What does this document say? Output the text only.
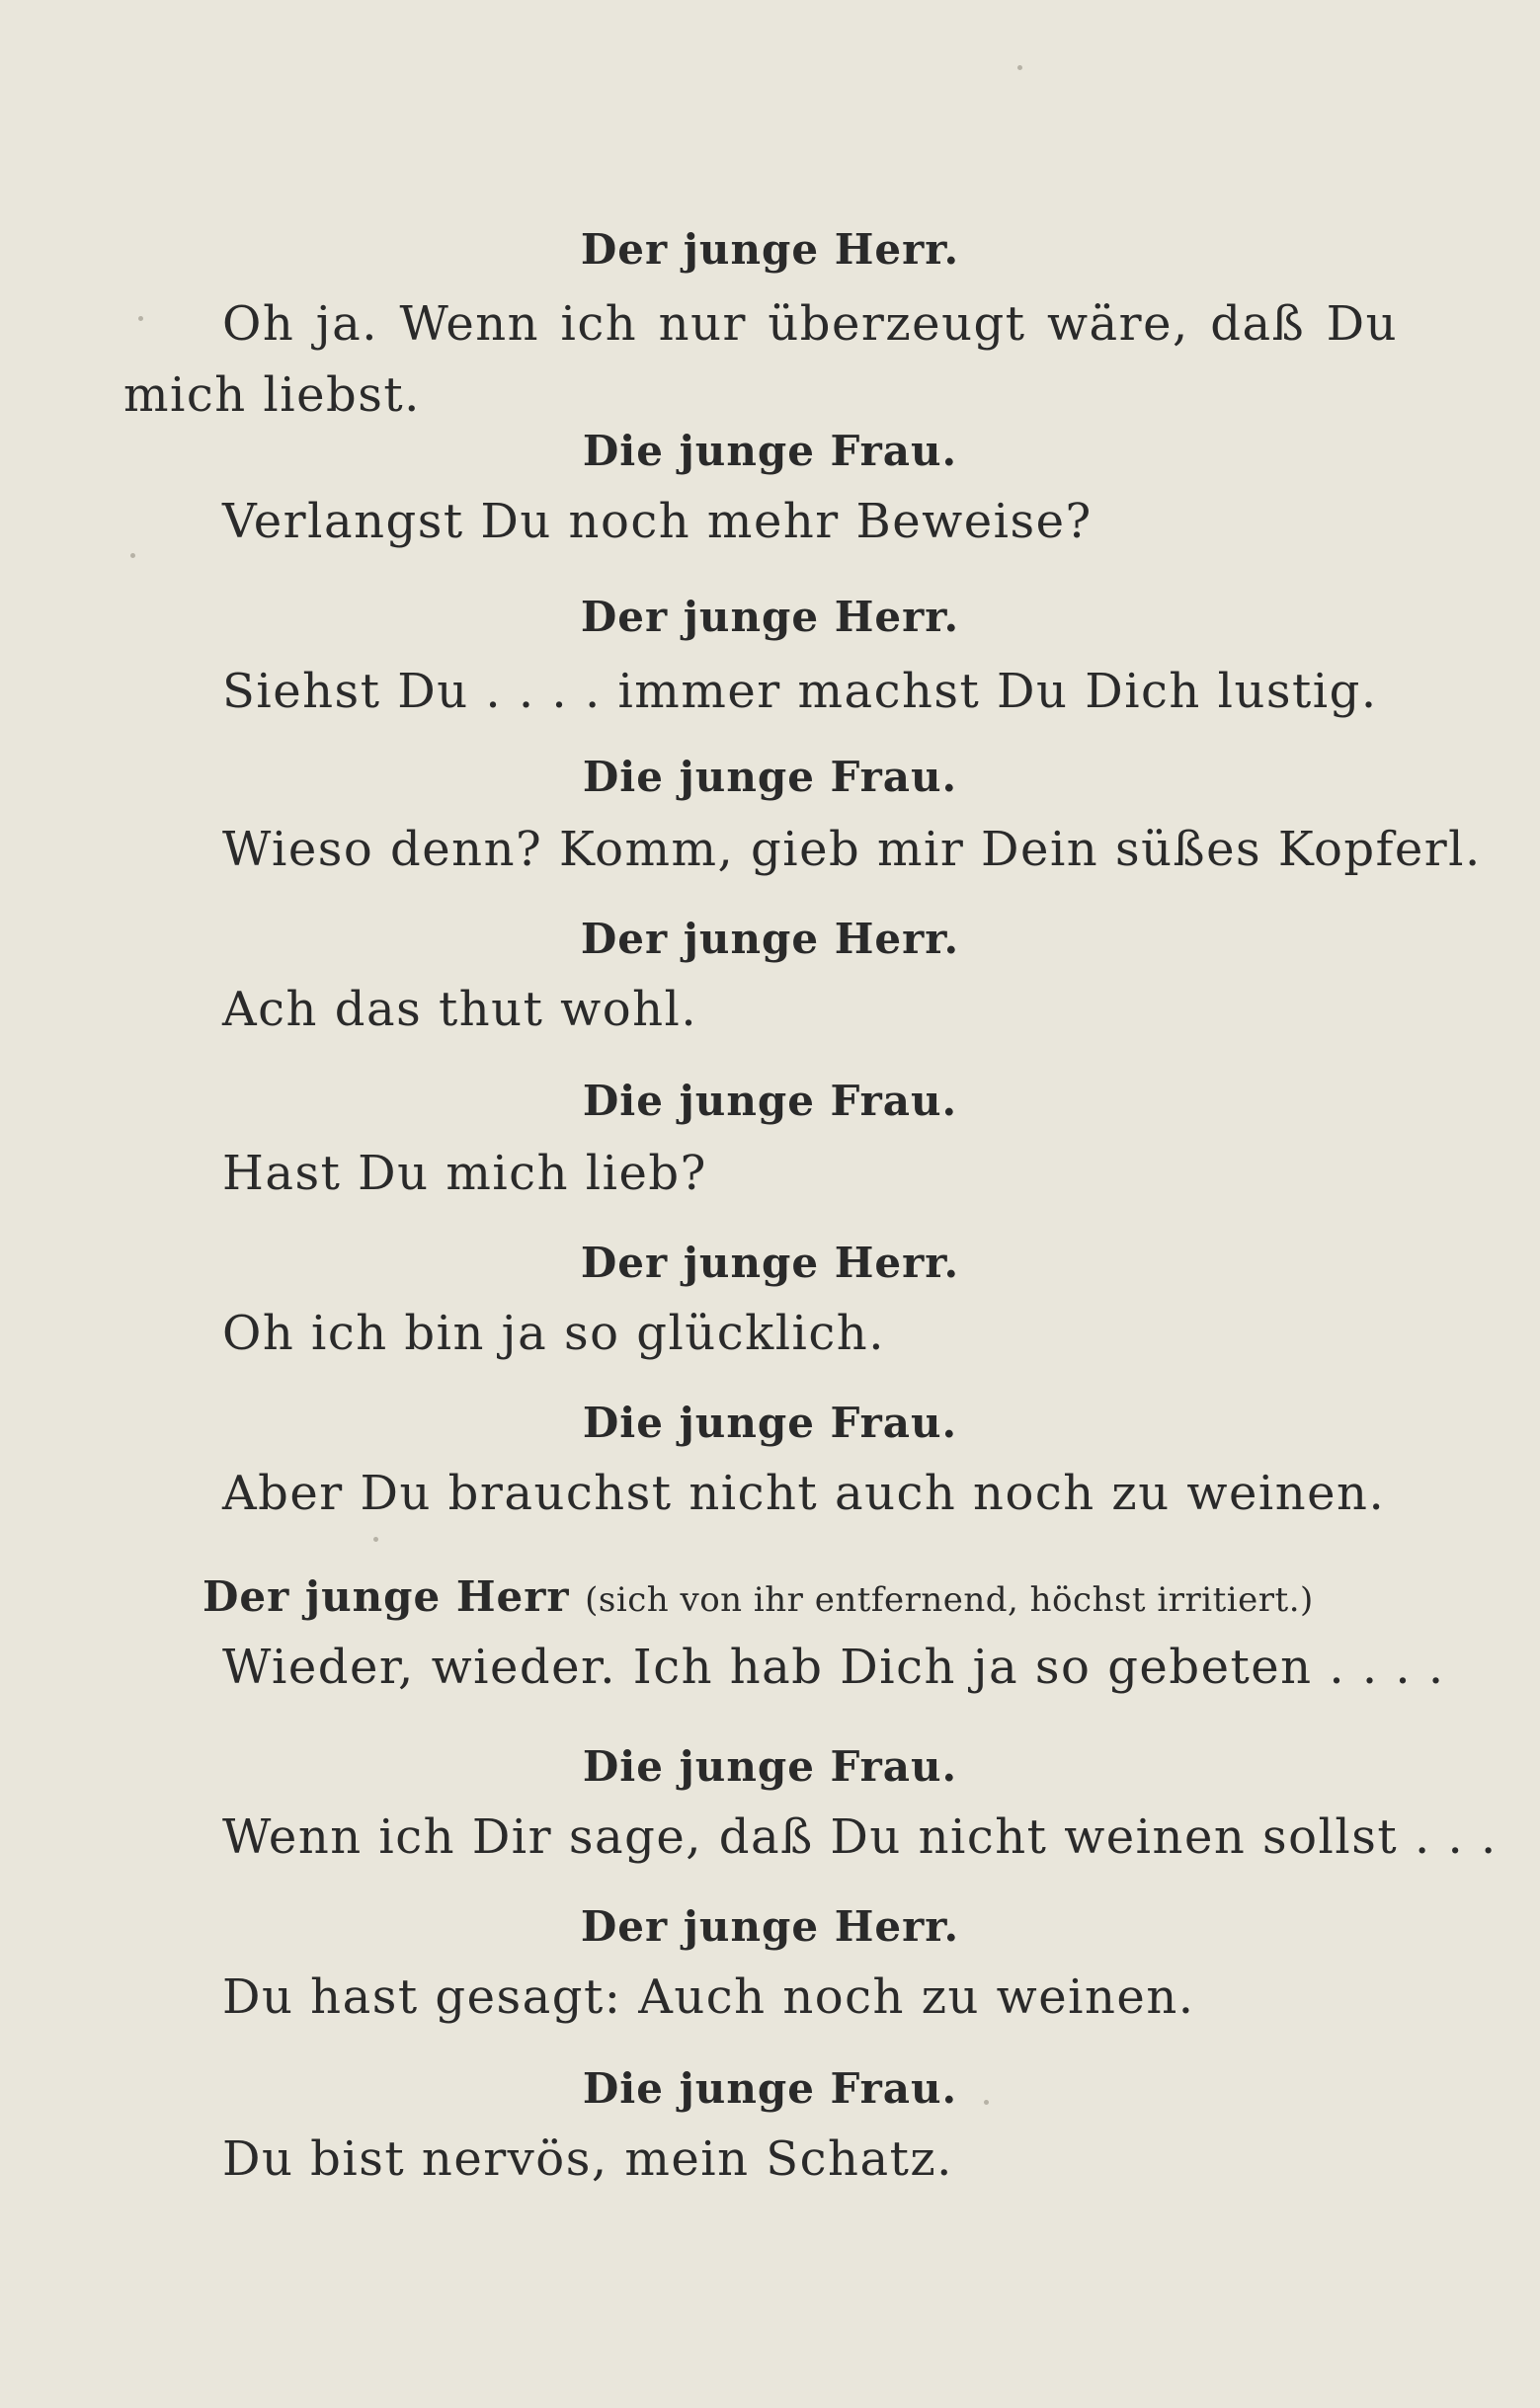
Der junge Herr.
Oh ja. Wenn ich nur überzeugt wäre, daß Du
mich liebst.
Die junge Frau.
Verlangst Du noch mehr Beweise?
Der junge Herr.
Siehst Du . . . . immer machst Du Dich lustig.
Die junge Frau.
Wieso denn? Komm, gieb mir Dein süßes Kopferl.
Der junge Herr.
Ach das thut wohl.
Die junge Frau.
Hast Du mich lieb?
Der junge Herr.
Oh ich bin ja so glücklich.
Die junge Frau.
Aber Du brauchst nicht auch noch zu weinen.
Der junge Herr (sich von ihr entfernend, höchst irritiert.)
Wieder, wieder. Ich hab Dich ja so gebeten . . . .
Die junge Frau.
Wenn ich Dir sage, daß Du nicht weinen sollst . . .
Der junge Herr.
Du hast gesagt: Auch noch zu weinen.
Die junge Frau.
Du bist nervös, mein Schatz.
